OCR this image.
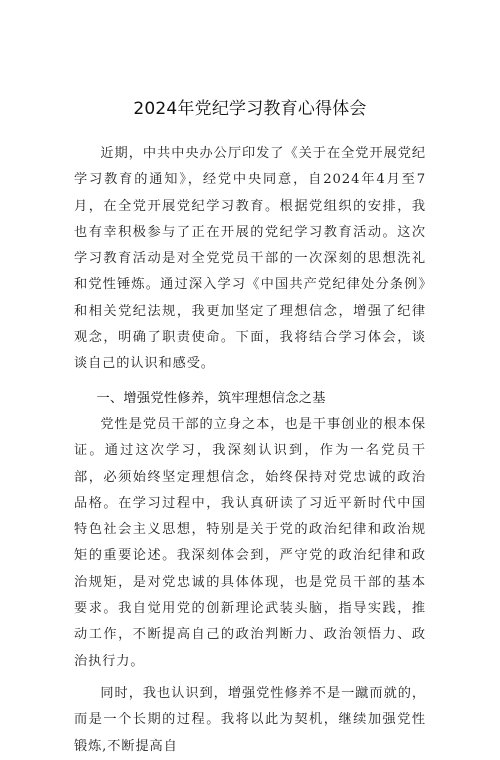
2024年党纪学习教育心得体会

近期，中共中央办公厅印发了《关于在全党开展党纪学习教育的通知》，经党中央同意，自2024年4月至7月，在全党开展党纪学习教育。根据党组织的安排，我也有幸积极参与了正在开展的党纪学习教育活动。这次学习教育活动是对全党党员干部的一次深刻的思想洗礼和党性锤炼。通过深入学习《中国共产党纪律处分条例》和相关党纪法规，我更加坚定了理想信念，增强了纪律观念，明确了职责使命。下面，我将结合学习体会，谈谈自己的认识和感受。

一、增强党性修养，筑牢理想信念之基

党性是党员干部的立身之本，也是干事创业的根本保证。通过这次学习，我深刻认识到，作为一名党员干部，必须始终坚定理想信念，始终保持对党忠诚的政治品格。在学习过程中，我认真研读了习近平新时代中国特色社会主义思想，特别是关于党的政治纪律和政治规矩的重要论述。我深刻体会到，严守党的政治纪律和政治规矩，是对党忠诚的具体体现，也是党员干部的基本要求。我自觉用党的创新理论武装头脑，指导实践，推动工作，不断提高自己的政治判断力、政治领悟力、政治执行力。

同时，我也认识到，增强党性修养不是一蹴而就的，而是一个长期的过程。我将以此为契机，继续加强党性锻炼,不断提高自
